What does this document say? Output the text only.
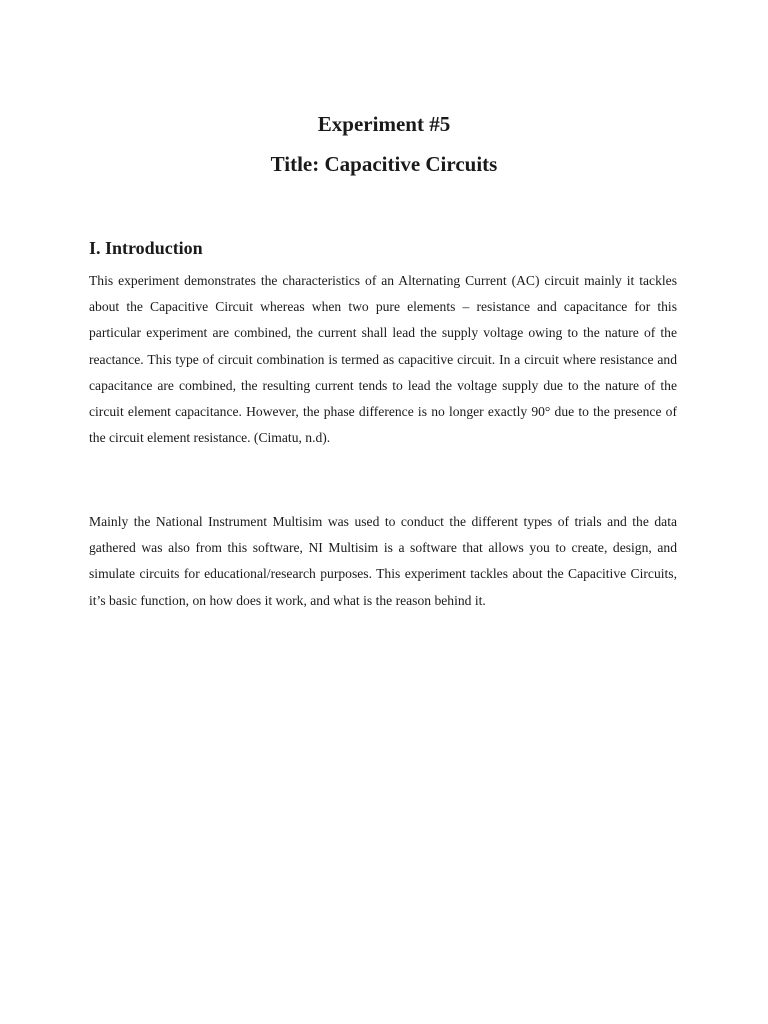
Experiment #5
Title: Capacitive Circuits
I. Introduction

This experiment demonstrates the characteristics of an Alternating Current (AC) circuit mainly it tackles about the Capacitive Circuit whereas when two pure elements – resistance and capacitance for this particular experiment are combined, the current shall lead the supply voltage owing to the nature of the reactance. This type of circuit combination is termed as capacitive circuit. In a circuit where resistance and capacitance are combined, the resulting current tends to lead the voltage supply due to the nature of the circuit element capacitance. However, the phase difference is no longer exactly 90° due to the presence of the circuit element resistance. (Cimatu, n.d).

Mainly the National Instrument Multisim was used to conduct the different types of trials and the data gathered was also from this software, NI Multisim is a software that allows you to create, design, and simulate circuits for educational/research purposes. This experiment tackles about the Capacitive Circuits, it’s basic function, on how does it work, and what is the reason behind it.
